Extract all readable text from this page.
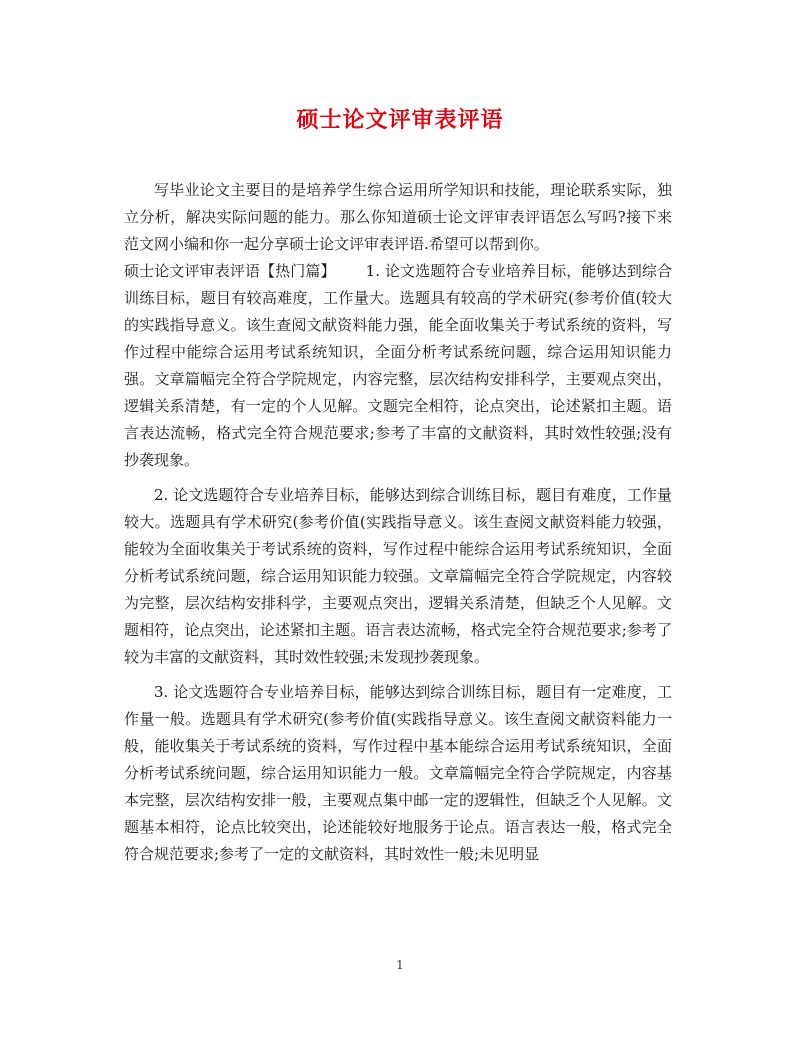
硕士论文评审表评语

写毕业论文主要目的是培养学生综合运用所学知识和技能，理论联系实际，独立分析，解决实际问题的能力。那么你知道硕士论文评审表评语怎么写吗?接下来范文网小编和你一起分享硕士论文评审表评语.希望可以帮到你。

硕士论文评审表评语【热门篇】 1. 论文选题符合专业培养目标，能够达到综合训练目标，题目有较高难度，工作量大。选题具有较高的学术研究(参考价值(较大的实践指导意义。该生查阅文献资料能力强，能全面收集关于考试系统的资料，写作过程中能综合运用考试系统知识，全面分析考试系统问题，综合运用知识能力强。文章篇幅完全符合学院规定，内容完整，层次结构安排科学，主要观点突出，逻辑关系清楚，有一定的个人见解。文题完全相符，论点突出，论述紧扣主题。语言表达流畅，格式完全符合规范要求;参考了丰富的文献资料，其时效性较强;没有抄袭现象。

2. 论文选题符合专业培养目标，能够达到综合训练目标，题目有难度，工作量较大。选题具有学术研究(参考价值(实践指导意义。该生查阅文献资料能力较强，能较为全面收集关于考试系统的资料，写作过程中能综合运用考试系统知识，全面分析考试系统问题，综合运用知识能力较强。文章篇幅完全符合学院规定，内容较为完整，层次结构安排科学，主要观点突出，逻辑关系清楚，但缺乏个人见解。文题相符，论点突出，论述紧扣主题。语言表达流畅，格式完全符合规范要求;参考了较为丰富的文献资料，其时效性较强;未发现抄袭现象。

3. 论文选题符合专业培养目标，能够达到综合训练目标，题目有一定难度，工作量一般。选题具有学术研究(参考价值(实践指导意义。该生查阅文献资料能力一般，能收集关于考试系统的资料，写作过程中基本能综合运用考试系统知识，全面分析考试系统问题，综合运用知识能力一般。文章篇幅完全符合学院规定，内容基本完整，层次结构安排一般，主要观点集中邮一定的逻辑性，但缺乏个人见解。文题基本相符，论点比较突出，论述能较好地服务于论点。语言表达一般，格式完全符合规范要求;参考了一定的文献资料，其时效性一般;未见明显

1
